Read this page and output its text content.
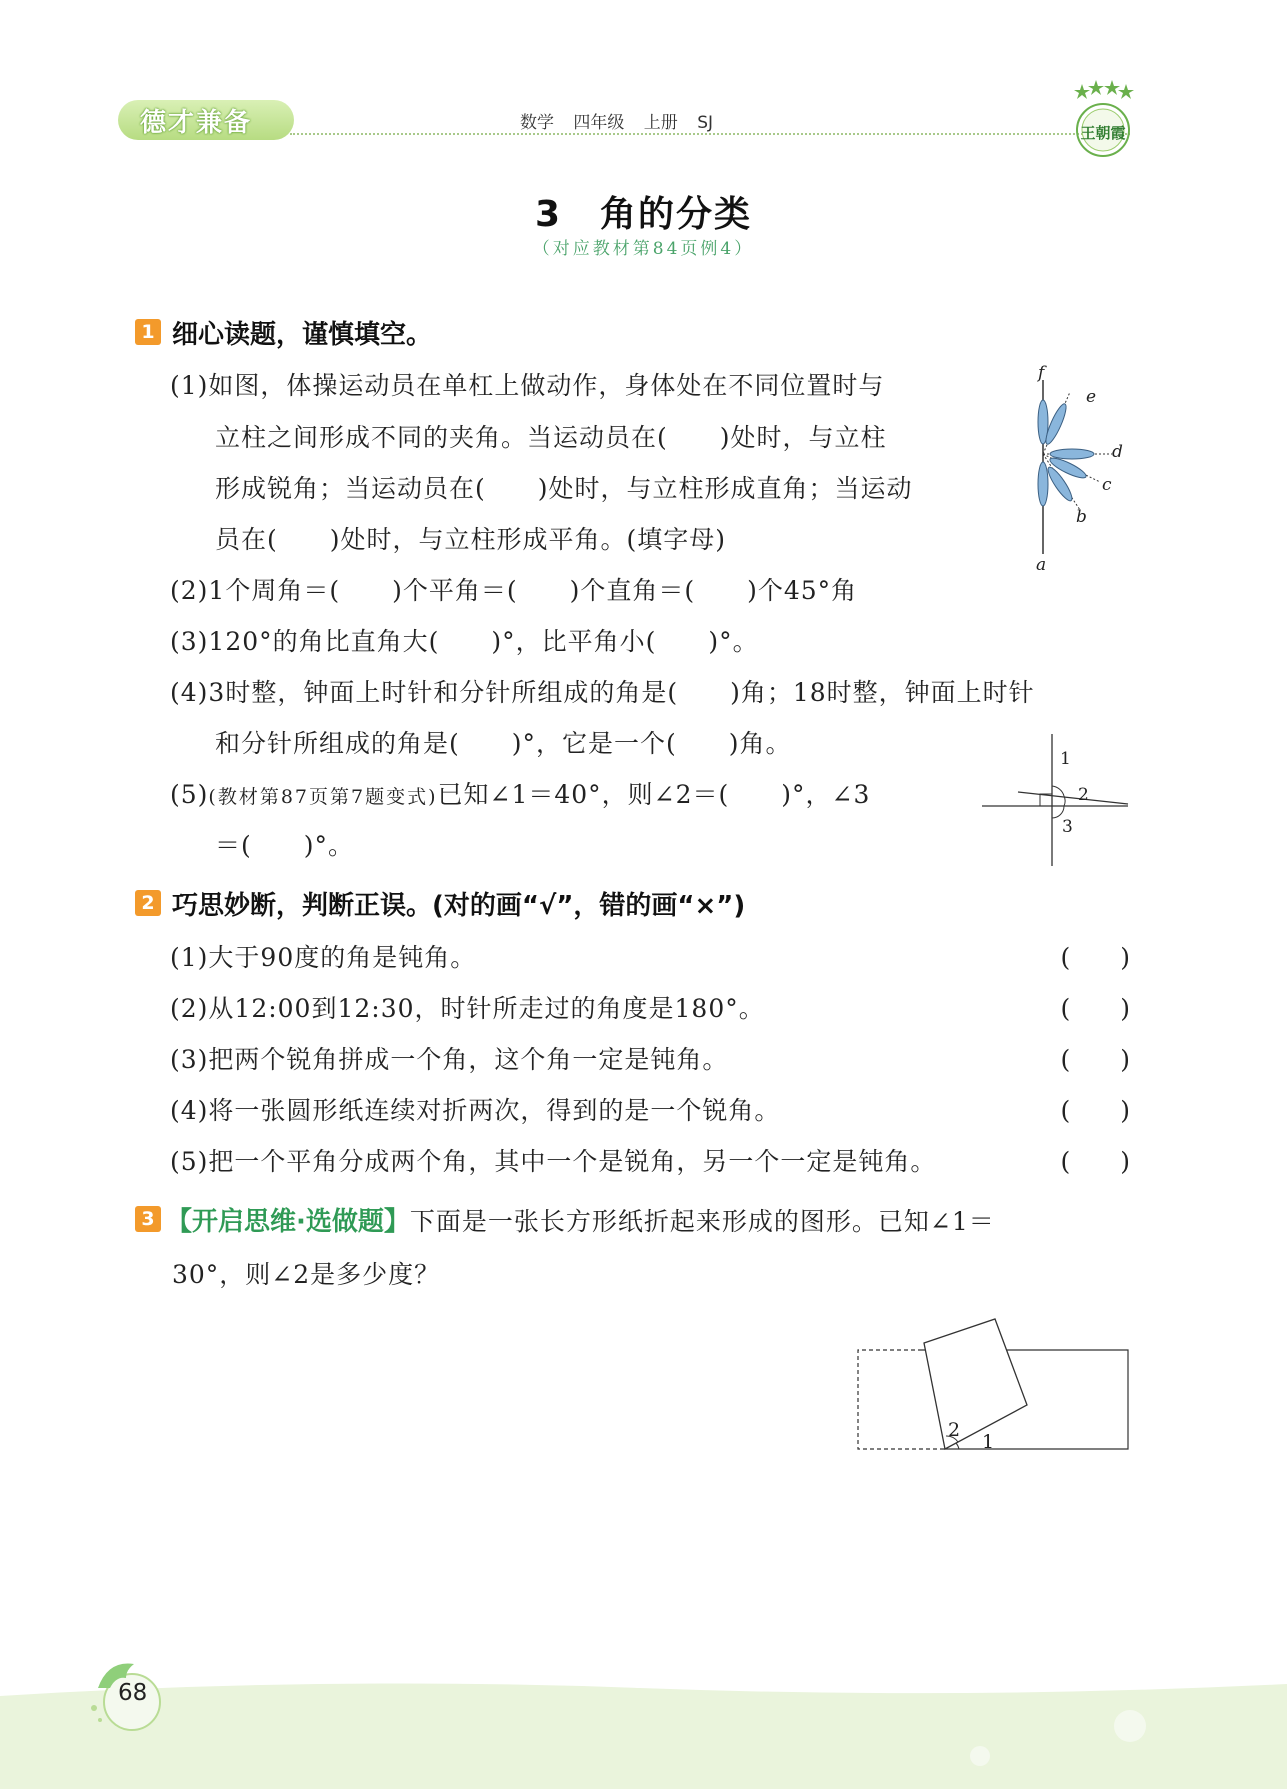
德才兼备	数学 四年级 上册 SJ	王朝霞
3　角的分类
（对应教材第84页例4）
1 细心读题，谨慎填空。
(1)如图，体操运动员在单杠上做动作，身体处在不同位置时与
立柱之间形成不同的夹角。当运动员在(　　)处时，与立柱
形成锐角；当运动员在(　　)处时，与立柱形成直角；当运动
员在(　　)处时，与立柱形成平角。(填字母)
f
e
d
c
b
a
(2)1个周角＝(　　)个平角＝(　　)个直角＝(　　)个45°角
(3)120°的角比直角大(　　)°，比平角小(　　)°。
(4)3时整，钟面上时针和分针所组成的角是(　　)角；18时整，钟面上时针
和分针所组成的角是(　　)°，它是一个(　　)角。
(5)(教材第87页第7题变式)已知∠1＝40°，则∠2＝(　　)°，∠3
＝(　　)°。
1
2
3
2 巧思妙断，判断正误。(对的画“√”，错的画“×”)
(1)大于90度的角是钝角。	(　　)
(2)从12:00到12:30，时针所走过的角度是180°。	(　　)
(3)把两个锐角拼成一个角，这个角一定是钝角。	(　　)
(4)将一张圆形纸连续对折两次，得到的是一个锐角。	(　　)
(5)把一个平角分成两个角，其中一个是锐角，另一个一定是钝角。	(　　)
3 【开启思维·选做题】下面是一张长方形纸折起来形成的图形。已知∠1＝
30°，则∠2是多少度？
2
1
68
